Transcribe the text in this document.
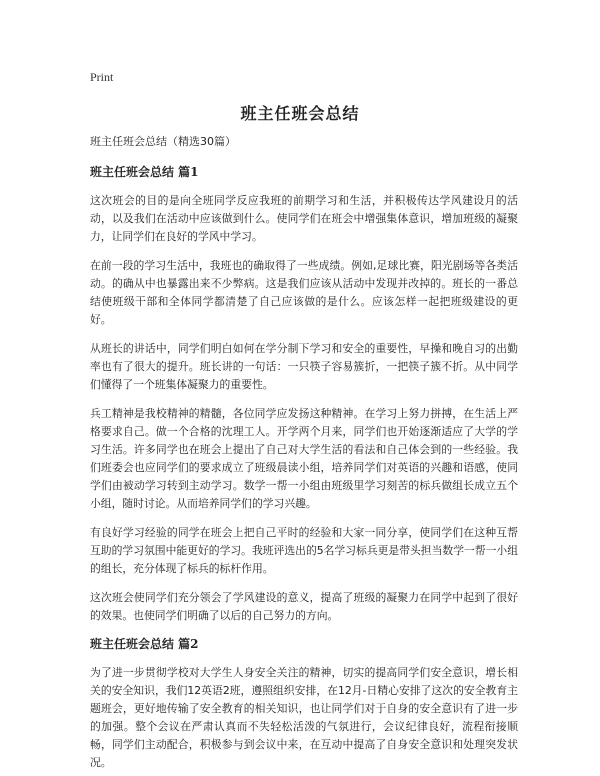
Print
班主任班会总结

班主任班会总结（精选30篇）

班主任班会总结 篇1

这次班会的目的是向全班同学反应我班的前期学习和生活，并积极传达学风建设月的活动，以及我们在活动中应该做到什么。使同学们在班会中增强集体意识，增加班级的凝聚力，让同学们在良好的学风中学习。

在前一段的学习生活中，我班也的确取得了一些成绩。例如,足球比赛，阳光剧场等各类活动。的确从中也暴露出来不少弊病。这是我们应该从活动中发现并改掉的。班长的一番总结使班级干部和全体同学都清楚了自己应该做的是什么。应该怎样一起把班级建设的更好。

从班长的讲话中，同学们明白如何在学分制下学习和安全的重要性，早操和晚自习的出勤率也有了很大的提升。班长讲的一句话：一只筷子容易簇折，一把筷子簇不折。从中同学们懂得了一个班集体凝聚力的重要性。

兵工精神是我校精神的精髓，各位同学应发扬这种精神。在学习上努力拼搏，在生活上严格要求自己。做一个合格的沈理工人。开学两个月来，同学们也开始逐渐适应了大学的学习生活。许多同学也在班会上提出了自己对大学生活的看法和自己体会到的一些经验。我们班委会也应同学们的要求成立了班级晨读小组，培养同学们对英语的兴趣和语感，使同学们由被动学习转到主动学习。数学一帮一小组由班级里学习刻苦的标兵做组长成立五个小组，随时讨论。从而培养同学们的学习兴趣。

有良好学习经验的同学在班会上把自己平时的经验和大家一同分享，使同学们在这种互帮互助的学习氛围中能更好的学习。我班评选出的5名学习标兵更是带头担当数学一帮一小组的组长，充分体现了标兵的标杆作用。

这次班会使同学们充分领会了学风建设的意义，提高了班级的凝聚力在同学中起到了很好的效果。也使同学们明确了以后的自己努力的方向。

班主任班会总结 篇2

为了进一步贯彻学校对大学生人身安全关注的精神，切实的提高同学们安全意识，增长相关的安全知识，我们12英语2班，遵照组织安排，在12月-日精心安排了这次的安全教育主题班会，更好地传输了安全教育的相关知识，也让同学们对于自身的安全意识有了进一步的加强。整个会议在严肃认真而不失轻松活泼的气氛进行，会议纪律良好，流程衔接顺畅，同学们主动配合，积极参与到会议中来，在互动中提高了自身安全意识和处理突发状况。
